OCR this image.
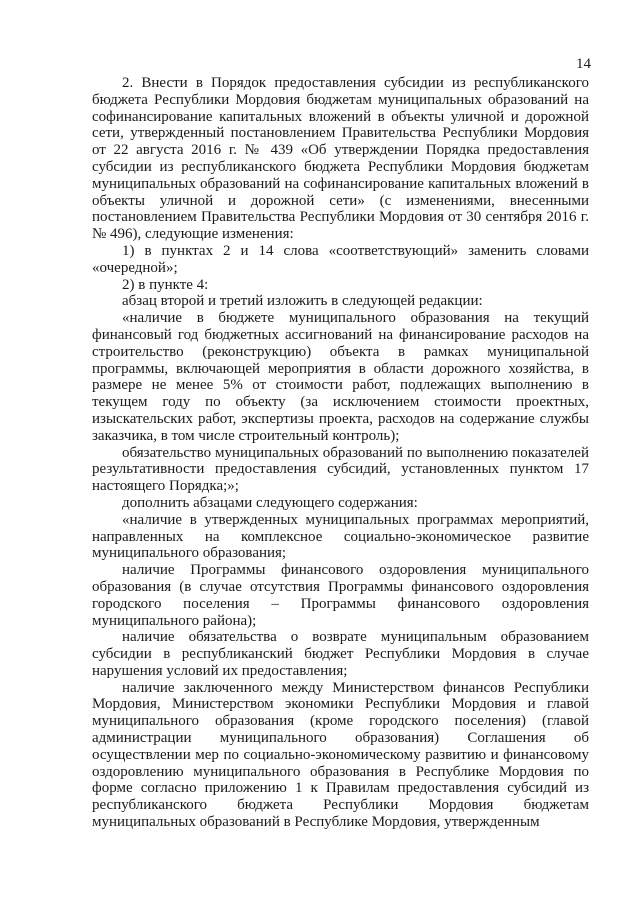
14

2. Внести в Порядок предоставления субсидии из республиканского бюджета Республики Мордовия бюджетам муниципальных образований на софинансирование капитальных вложений в объекты уличной и дорожной сети, утвержденный постановлением Правительства Республики Мордовия от 22 августа 2016 г. № 439 «Об утверждении Порядка предоставления субсидии из республиканского бюджета Республики Мордовия бюджетам муниципальных образований на софинансирование капитальных вложений в объекты уличной и дорожной сети» (с изменениями, внесенными постановлением Правительства Республики Мордовия от 30 сентября 2016 г. № 496), следующие изменения:

1) в пунктах 2 и 14 слова «соответствующий» заменить словами «очередной»;

2) в пункте 4:

абзац второй и третий изложить в следующей редакции:

«наличие в бюджете муниципального образования на текущий финансовый год бюджетных ассигнований на финансирование расходов на строительство (реконструкцию) объекта в рамках муниципальной программы, включающей мероприятия в области дорожного хозяйства, в размере не менее 5% от стоимости работ, подлежащих выполнению в текущем году по объекту (за исключением стоимости проектных, изыскательских работ, экспертизы проекта, расходов на содержание службы заказчика, в том числе строительный контроль);

обязательство муниципальных образований по выполнению показателей результативности предоставления субсидий, установленных пунктом 17 настоящего Порядка;»;

дополнить абзацами следующего содержания:

«наличие в утвержденных муниципальных программах мероприятий, направленных на комплексное социально-экономическое развитие муниципального образования;

наличие Программы финансового оздоровления муниципального образования (в случае отсутствия Программы финансового оздоровления городского поселения – Программы финансового оздоровления муниципального района);

наличие обязательства о возврате муниципальным образованием субсидии в республиканский бюджет Республики Мордовия в случае нарушения условий их предоставления;

наличие заключенного между Министерством финансов Республики Мордовия, Министерством экономики Республики Мордовия и главой муниципального образования (кроме городского поселения) (главой администрации муниципального образования) Соглашения об осуществлении мер по социально-экономическому развитию и финансовому оздоровлению муниципального образования в Республике Мордовия по форме согласно приложению 1 к Правилам предоставления субсидий из республиканского бюджета Республики Мордовия бюджетам муниципальных образований в Республике Мордовия, утвержденным
